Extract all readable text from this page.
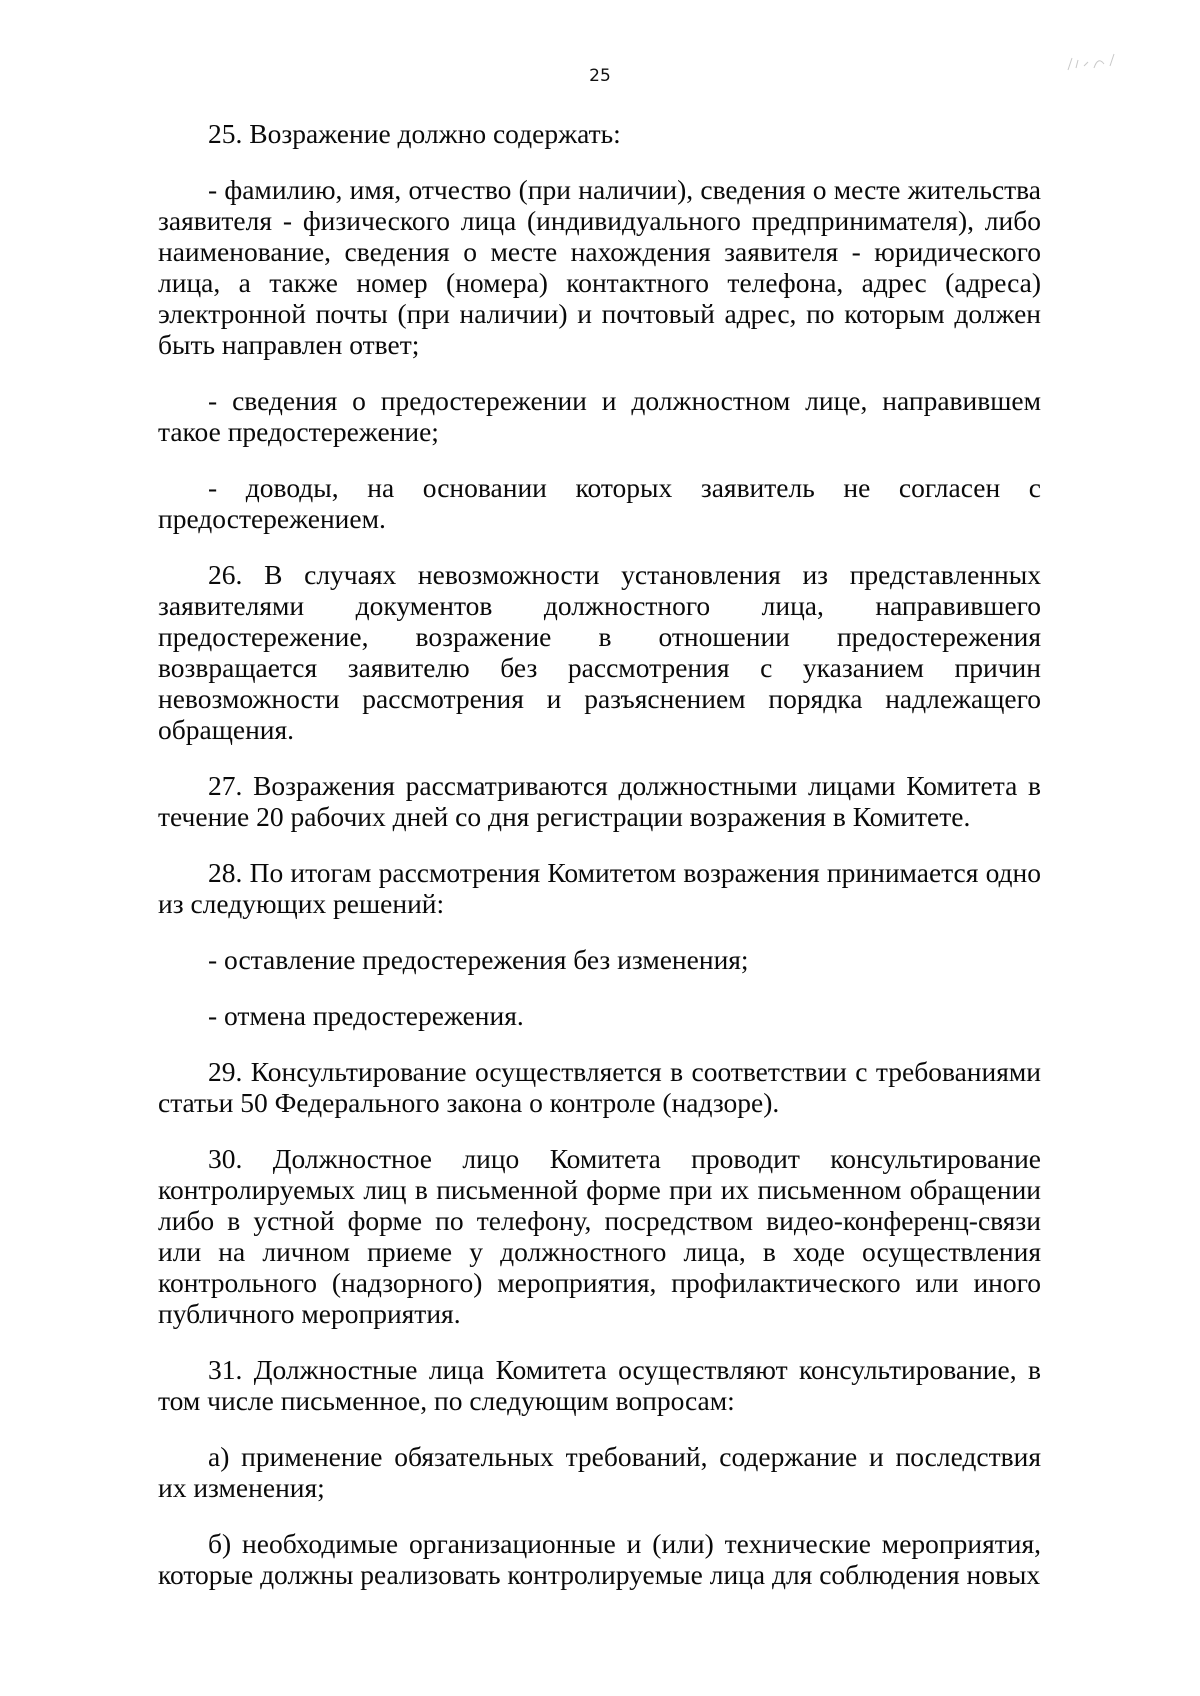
25

25. Возражение должно содержать:

- фамилию, имя, отчество (при наличии), сведения о месте жительства заявителя - физического лица (индивидуального предпринимателя), либо наименование, сведения о месте нахождения заявителя - юридического лица, а также номер (номера) контактного телефона, адрес (адреса) электронной почты (при наличии) и почтовый адрес, по которым должен быть направлен ответ;

- сведения о предостережении и должностном лице, направившем такое предостережение;

- доводы, на основании которых заявитель не согласен с предостережением.

26. В случаях невозможности установления из представленных заявителями документов должностного лица, направившего предостережение, возражение в отношении предостережения возвращается заявителю без рассмотрения с указанием причин невозможности рассмотрения и разъяснением порядка надлежащего обращения.

27. Возражения рассматриваются должностными лицами Комитета в течение 20 рабочих дней со дня регистрации возражения в Комитете.

28. По итогам рассмотрения Комитетом возражения принимается одно из следующих решений:

- оставление предостережения без изменения;

- отмена предостережения.

29. Консультирование осуществляется в соответствии с требованиями статьи 50 Федерального закона о контроле (надзоре).

30. Должностное лицо Комитета проводит консультирование контролируемых лиц в письменной форме при их письменном обращении либо в устной форме по телефону, посредством видео-конференц-связи или на личном приеме у должностного лица, в ходе осуществления контрольного (надзорного) мероприятия, профилактического или иного публичного мероприятия.

31. Должностные лица Комитета осуществляют консультирование, в том числе письменное, по следующим вопросам:

а) применение обязательных требований, содержание и последствия их изменения;

б) необходимые организационные и (или) технические мероприятия, которые должны реализовать контролируемые лица для соблюдения новых
